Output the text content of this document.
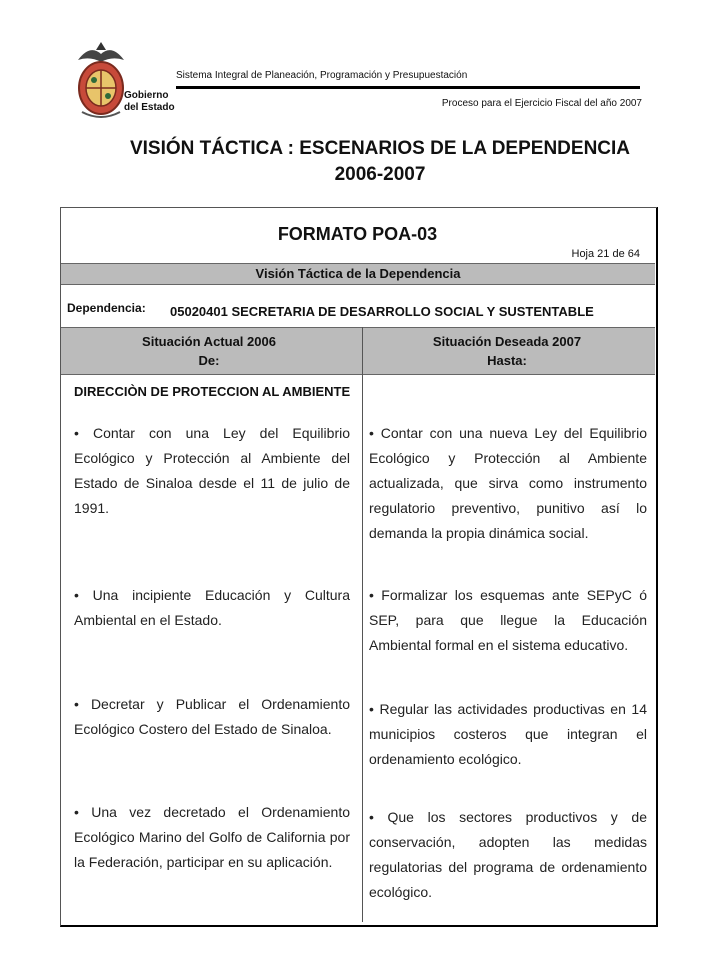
Gobierno
del Estado
Sistema Integral de Planeación, Programación y Presupuestación
Proceso para el Ejercicio Fiscal del año 2007
VISIÓN TÁCTICA : ESCENARIOS DE LA DEPENDENCIA
2006-2007
FORMATO POA-03
Hoja 21 de 64
Visión Táctica de la Dependencia
Dependencia: 05020401 SECRETARIA DE DESARROLLO SOCIAL Y SUSTENTABLE
Situación Actual 2006
De:
Situación Deseada 2007
Hasta:
DIRECCIÒN DE PROTECCION AL AMBIENTE
• Contar con una Ley del Equilibrio Ecológico y Protección al Ambiente del Estado de Sinaloa desde el 11 de julio de 1991.
• Contar con una nueva Ley del Equilibrio Ecológico y Protección al Ambiente actualizada, que sirva como instrumento regulatorio preventivo, punitivo así lo demanda la propia dinámica social.
• Una incipiente Educación y Cultura Ambiental en el Estado.
• Formalizar los esquemas ante SEPyC ó SEP, para que llegue la Educación Ambiental formal en el sistema educativo.
• Decretar y Publicar el Ordenamiento Ecológico Costero del Estado de Sinaloa.
• Regular las actividades productivas en 14 municipios costeros que integran el ordenamiento ecológico.
• Una vez decretado el Ordenamiento Ecológico Marino del Golfo de California por la Federación, participar en su aplicación.
• Que los sectores productivos y de conservación, adopten las medidas regulatorias del programa de ordenamiento ecológico.
